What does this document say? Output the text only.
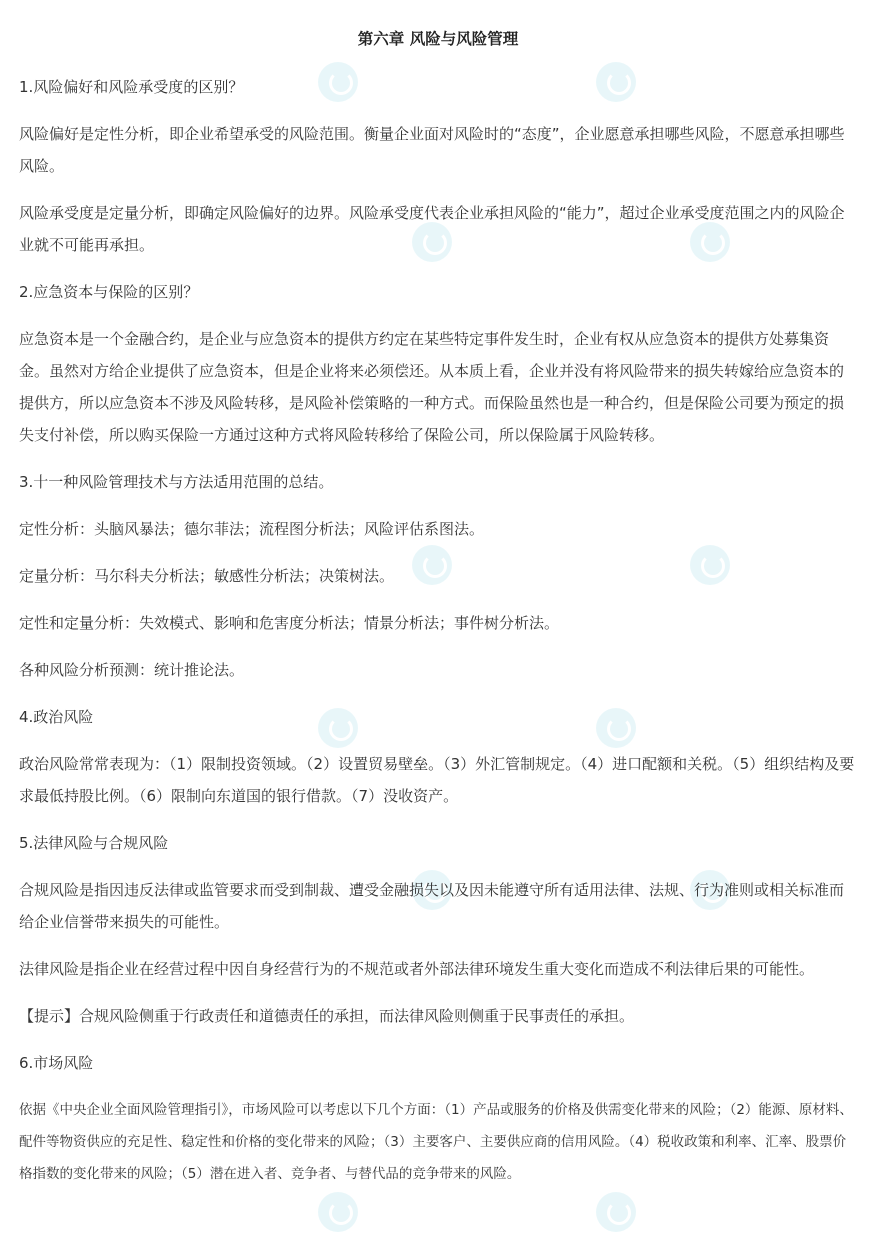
第六章 风险与风险管理
1.风险偏好和风险承受度的区别？
风险偏好是定性分析，即企业希望承受的风险范围。衡量企业面对风险时的“态度”，企业愿意承担哪些风险，不愿意承担哪些风险。
风险承受度是定量分析，即确定风险偏好的边界。风险承受度代表企业承担风险的“能力”，超过企业承受度范围之内的风险企业就不可能再承担。
2.应急资本与保险的区别？
应急资本是一个金融合约，是企业与应急资本的提供方约定在某些特定事件发生时，企业有权从应急资本的提供方处募集资金。虽然对方给企业提供了应急资本，但是企业将来必须偿还。从本质上看，企业并没有将风险带来的损失转嫁给应急资本的提供方，所以应急资本不涉及风险转移，是风险补偿策略的一种方式。而保险虽然也是一种合约，但是保险公司要为预定的损失支付补偿，所以购买保险一方通过这种方式将风险转移给了保险公司，所以保险属于风险转移。
3.十一种风险管理技术与方法适用范围的总结。
定性分析：头脑风暴法；德尔菲法；流程图分析法；风险评估系图法。
定量分析：马尔科夫分析法；敏感性分析法；决策树法。
定性和定量分析：失效模式、影响和危害度分析法；情景分析法；事件树分析法。
各种风险分析预测：统计推论法。
4.政治风险
政治风险常常表现为：（1）限制投资领域。（2）设置贸易壁垒。（3）外汇管制规定。（4）进口配额和关税。（5）组织结构及要求最低持股比例。（6）限制向东道国的银行借款。（7）没收资产。
5.法律风险与合规风险
合规风险是指因违反法律或监管要求而受到制裁、遭受金融损失以及因未能遵守所有适用法律、法规、行为准则或相关标准而给企业信誉带来损失的可能性。
法律风险是指企业在经营过程中因自身经营行为的不规范或者外部法律环境发生重大变化而造成不利法律后果的可能性。
【提示】合规风险侧重于行政责任和道德责任的承担，而法律风险则侧重于民事责任的承担。
6.市场风险
依据《中央企业全面风险管理指引》，市场风险可以考虑以下几个方面：（1）产品或服务的价格及供需变化带来的风险；（2）能源、原材料、配件等物资供应的充足性、稳定性和价格的变化带来的风险；（3）主要客户、主要供应商的信用风险。（4）税收政策和利率、汇率、股票价格指数的变化带来的风险；（5）潜在进入者、竞争者、与替代品的竞争带来的风险。
